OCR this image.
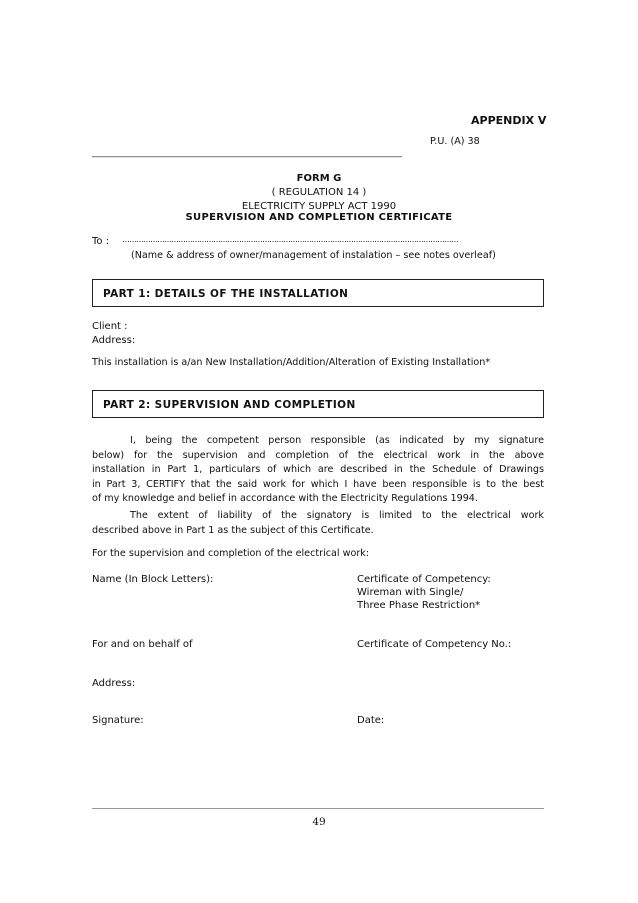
APPENDIX V
P.U. (A) 38
______________________________________________________________
FORM G
( REGULATION 14 )
ELECTRICITY SUPPLY ACT 1990
SUPERVISION AND COMPLETION CERTIFICATE
To : ………………………………………………………………………………………………………………………………
(Name & address of owner/management of instalation – see notes overleaf)
PART 1: DETAILS OF THE INSTALLATION
Client :
Address:
This installation is a/an New Installation/Addition/Alteration of Existing Installation*
PART 2: SUPERVISION AND COMPLETION
I, being the competent person responsible (as indicated by my signature
below) for the supervision and completion of the electrical work in the above
installation in Part 1, particulars of which are described in the Schedule of Drawings
in Part 3, CERTIFY that the said work for which I have been responsible is to the best
of my knowledge and belief in accordance with the Electricity Regulations 1994.
The extent of liability of the signatory is limited to the electrical work
described above in Part 1 as the subject of this Certificate.
For the supervision and completion of the electrical work:
Name (In Block Letters):	Certificate of Competency:
Wireman with Single/
Three Phase Restriction*
For and on behalf of	Certificate of Competency No.:
Address:
Signature:	Date:
49
